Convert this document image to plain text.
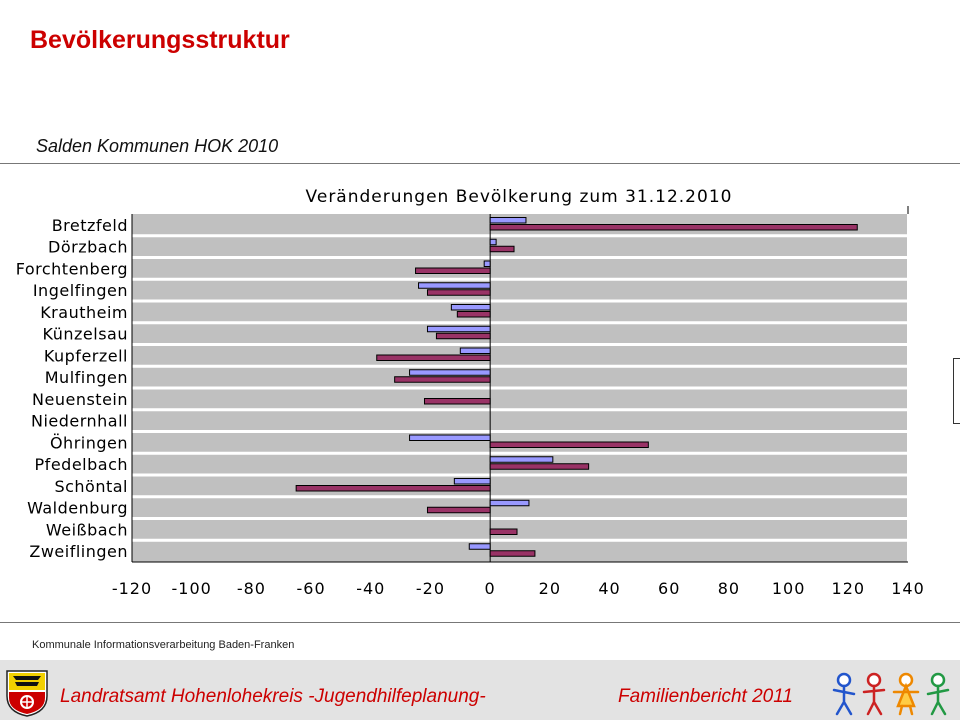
Bevölkerungsstruktur
Salden Kommunen HOK 2010
Veränderungen Bevölkerung zum 31.12.2010
Bretzfeld
Dörzbach
Forchtenberg
Ingelfingen
Krautheim
Künzelsau
Kupferzell
Mulfingen
Neuenstein
Niedernhall
Öhringen
Pfedelbach
Schöntal
Waldenburg
Weißbach
Zweiflingen
-120 -100 -80 -60 -40 -20 0	20 40 60 80 100 120 140
Kommunale Informationsverarbeitung Baden-Franken
Landratsamt Hohenlohekreis -Jugendhilfeplanung-	Familienbericht 2011
